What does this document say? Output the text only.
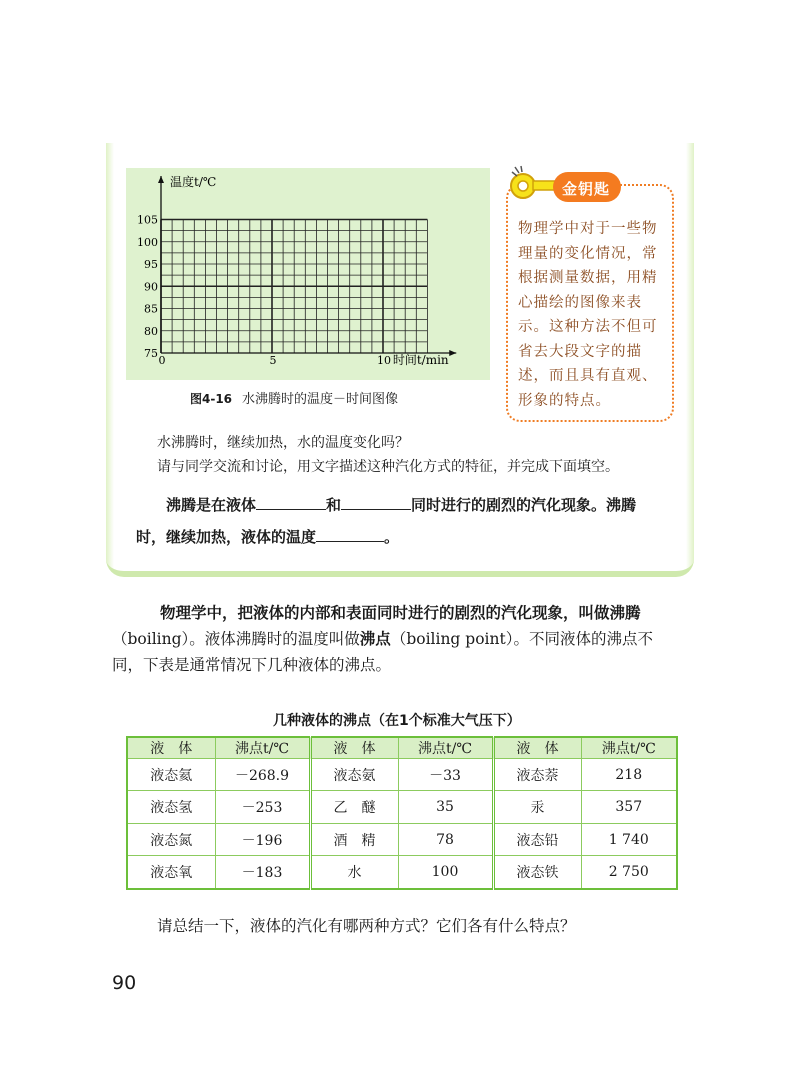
75
80
85
90
95
100
105
0	5	10
温度t/℃
时间t/min
图4-16 水沸腾时的温度－时间图像
物理学中对于一些物理量的变化情况，常根据测量数据，用精心描绘的图像来表示。这种方法不但可省去大段文字的描述，而且具有直观、形象的特点。
金钥匙
水沸腾时，继续加热，水的温度变化吗？
请与同学交流和讨论，用文字描述这种汽化方式的特征，并完成下面填空。
沸腾是在液体	和	同时进行的剧烈的汽化现象。沸腾
时，继续加热，液体的温度	。
物理学中，把液体的内部和表面同时进行的剧烈的汽化现象，叫做沸腾（boiling）。液体沸腾时的温度叫做沸点（boiling point）。不同液体的沸点不同，下表是通常情况下几种液体的沸点。
几种液体的沸点（在1个标准大气压下）
液　体	沸点t/℃	液　体	沸点t/℃	液　体	沸点t/℃
液态氦	－268.9	液态氨	－33	液态萘	218
液态氢	－253	乙　醚	35	汞	357
液态氮	－196	酒　精	78	液态铅	1 740
液态氧	－183	水	100	液态铁	2 750
请总结一下，液体的汽化有哪两种方式？它们各有什么特点？
90
